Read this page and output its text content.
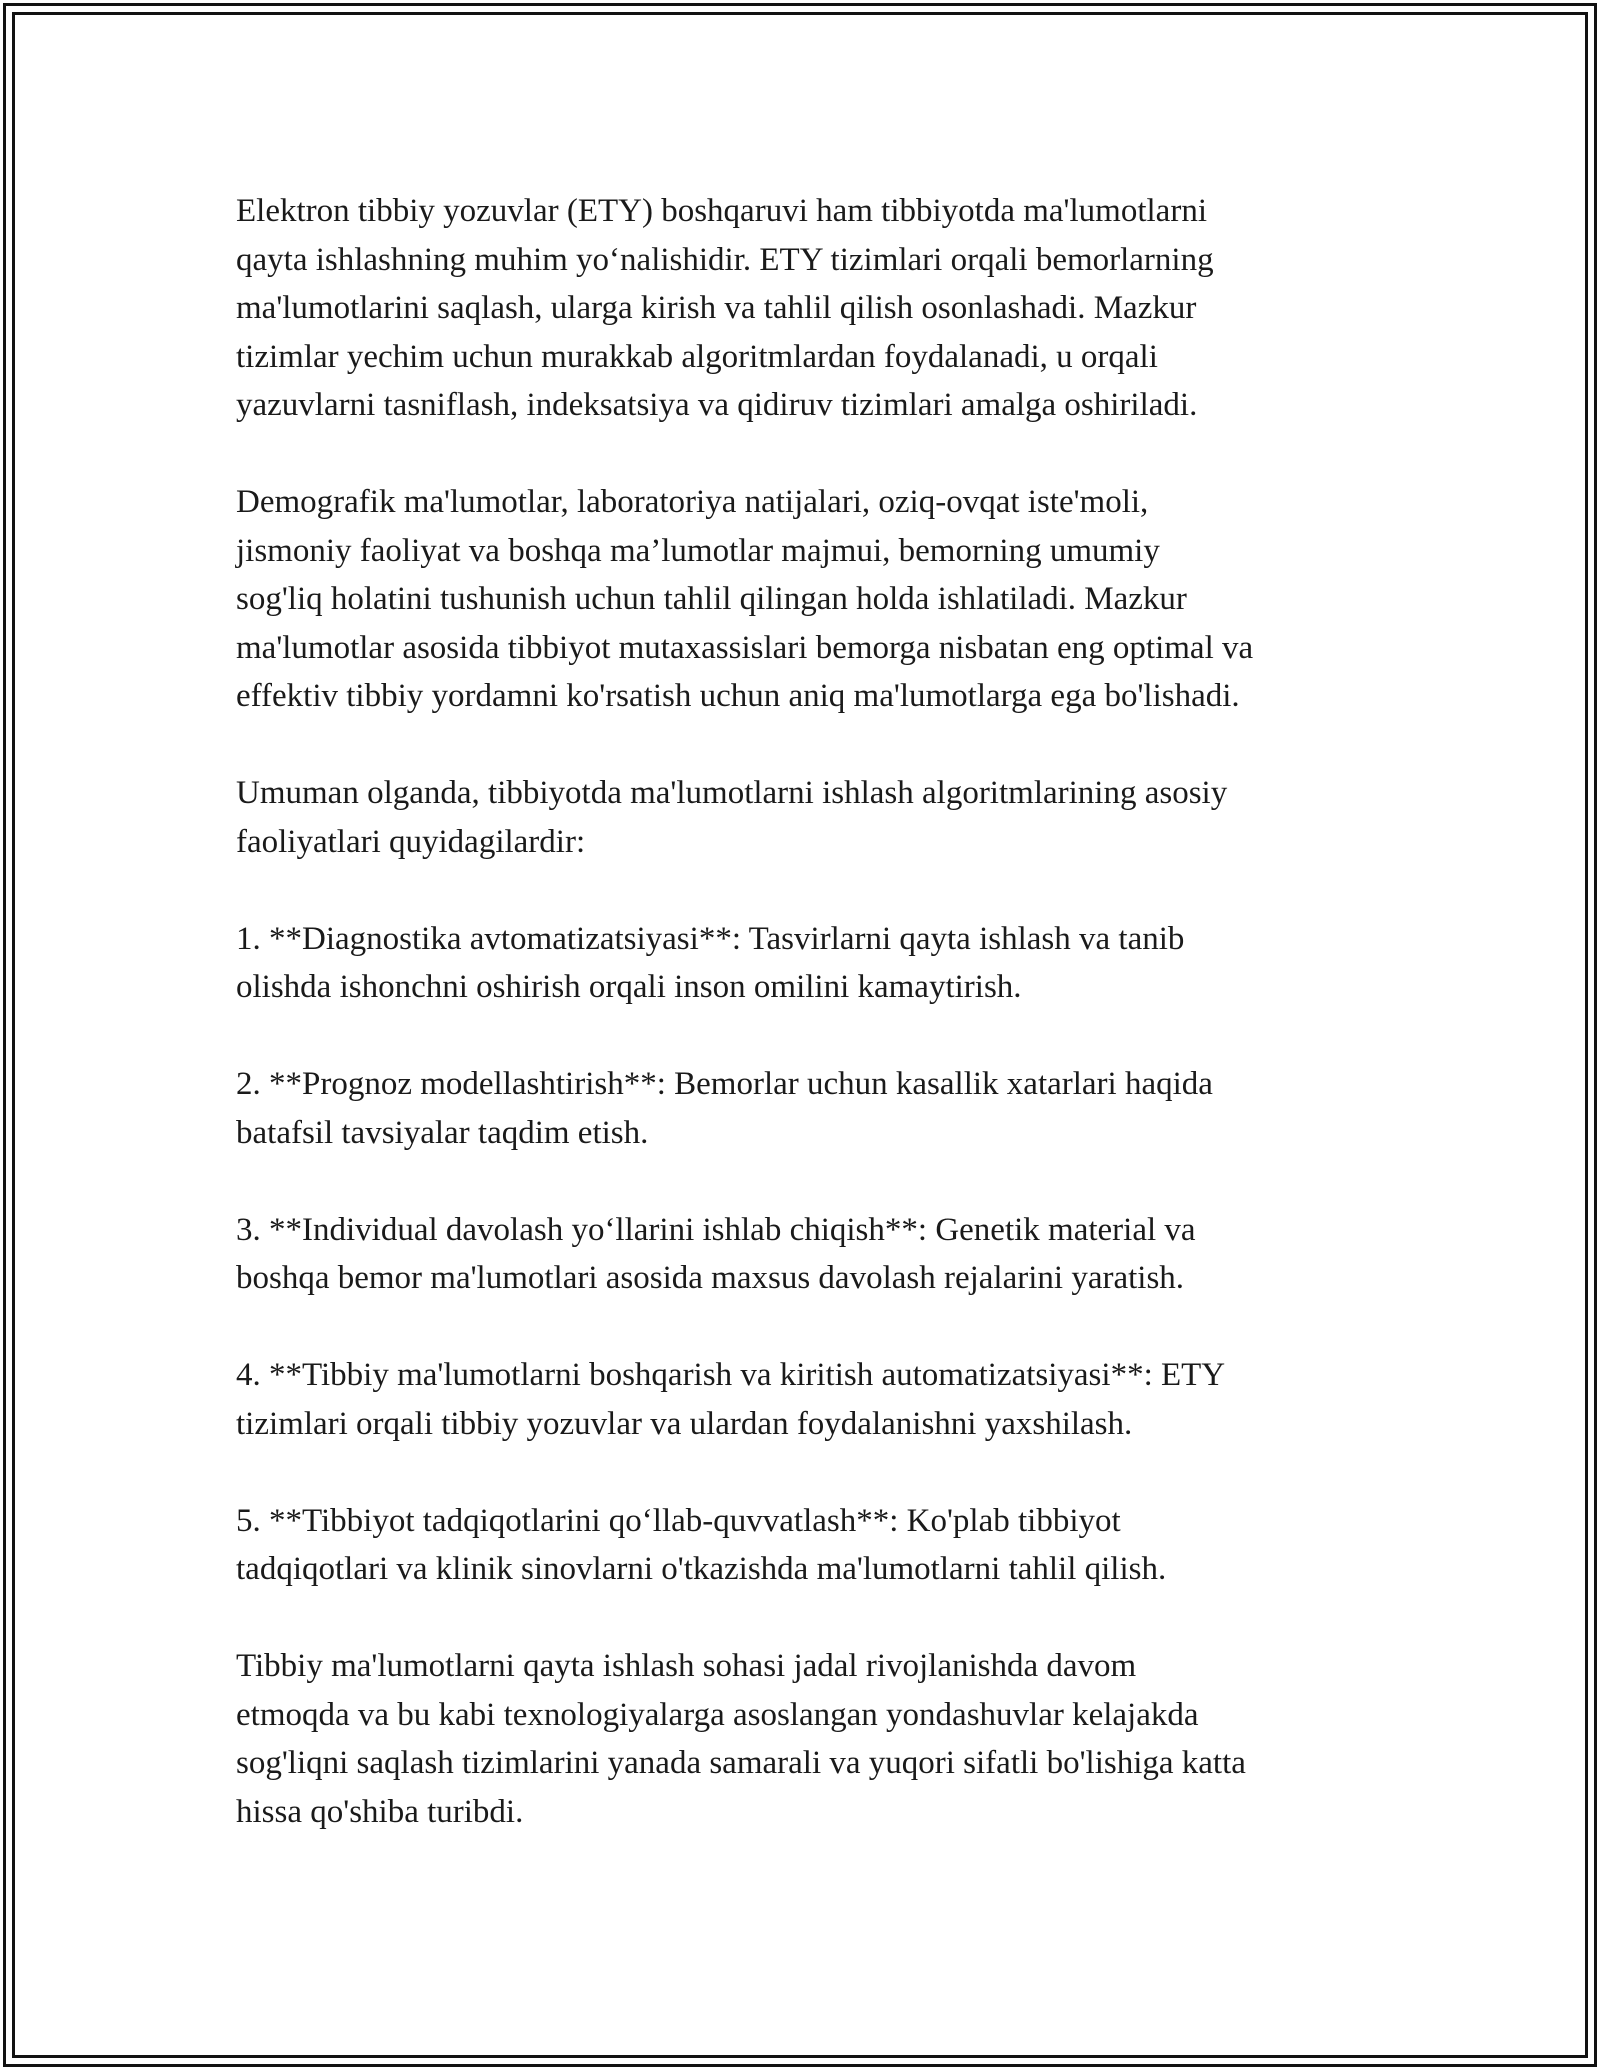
Elektron tibbiy yozuvlar (ETY) boshqaruvi ham tibbiyotda ma'lumotlarni
qayta ishlashning muhim yo‘nalishidir. ETY tizimlari orqali bemorlarning
ma'lumotlarini saqlash, ularga kirish va tahlil qilish osonlashadi. Mazkur
tizimlar yechim uchun murakkab algoritmlardan foydalanadi, u orqali
yazuvlarni tasniflash, indeksatsiya va qidiruv tizimlari amalga oshiriladi.

Demografik ma'lumotlar, laboratoriya natijalari, oziq-ovqat iste'moli,
jismoniy faoliyat va boshqa ma’lumotlar majmui, bemorning umumiy
sog'liq holatini tushunish uchun tahlil qilingan holda ishlatiladi. Mazkur
ma'lumotlar asosida tibbiyot mutaxassislari bemorga nisbatan eng optimal va
effektiv tibbiy yordamni ko'rsatish uchun aniq ma'lumotlarga ega bo'lishadi.

Umuman olganda, tibbiyotda ma'lumotlarni ishlash algoritmlarining asosiy
faoliyatlari quyidagilardir:

1. **Diagnostika avtomatizatsiyasi**: Tasvirlarni qayta ishlash va tanib
olishda ishonchni oshirish orqali inson omilini kamaytirish.

2. **Prognoz modellashtirish**: Bemorlar uchun kasallik xatarlari haqida
batafsil tavsiyalar taqdim etish.

3. **Individual davolash yo‘llarini ishlab chiqish**: Genetik material va
boshqa bemor ma'lumotlari asosida maxsus davolash rejalarini yaratish.

4. **Tibbiy ma'lumotlarni boshqarish va kiritish automatizatsiyasi**: ETY
tizimlari orqali tibbiy yozuvlar va ulardan foydalanishni yaxshilash.

5. **Tibbiyot tadqiqotlarini qo‘llab-quvvatlash**: Ko'plab tibbiyot
tadqiqotlari va klinik sinovlarni o'tkazishda ma'lumotlarni tahlil qilish.

Tibbiy ma'lumotlarni qayta ishlash sohasi jadal rivojlanishda davom
etmoqda va bu kabi texnologiyalarga asoslangan yondashuvlar kelajakda
sog'liqni saqlash tizimlarini yanada samarali va yuqori sifatli bo'lishiga katta
hissa qo'shiba turibdi.
